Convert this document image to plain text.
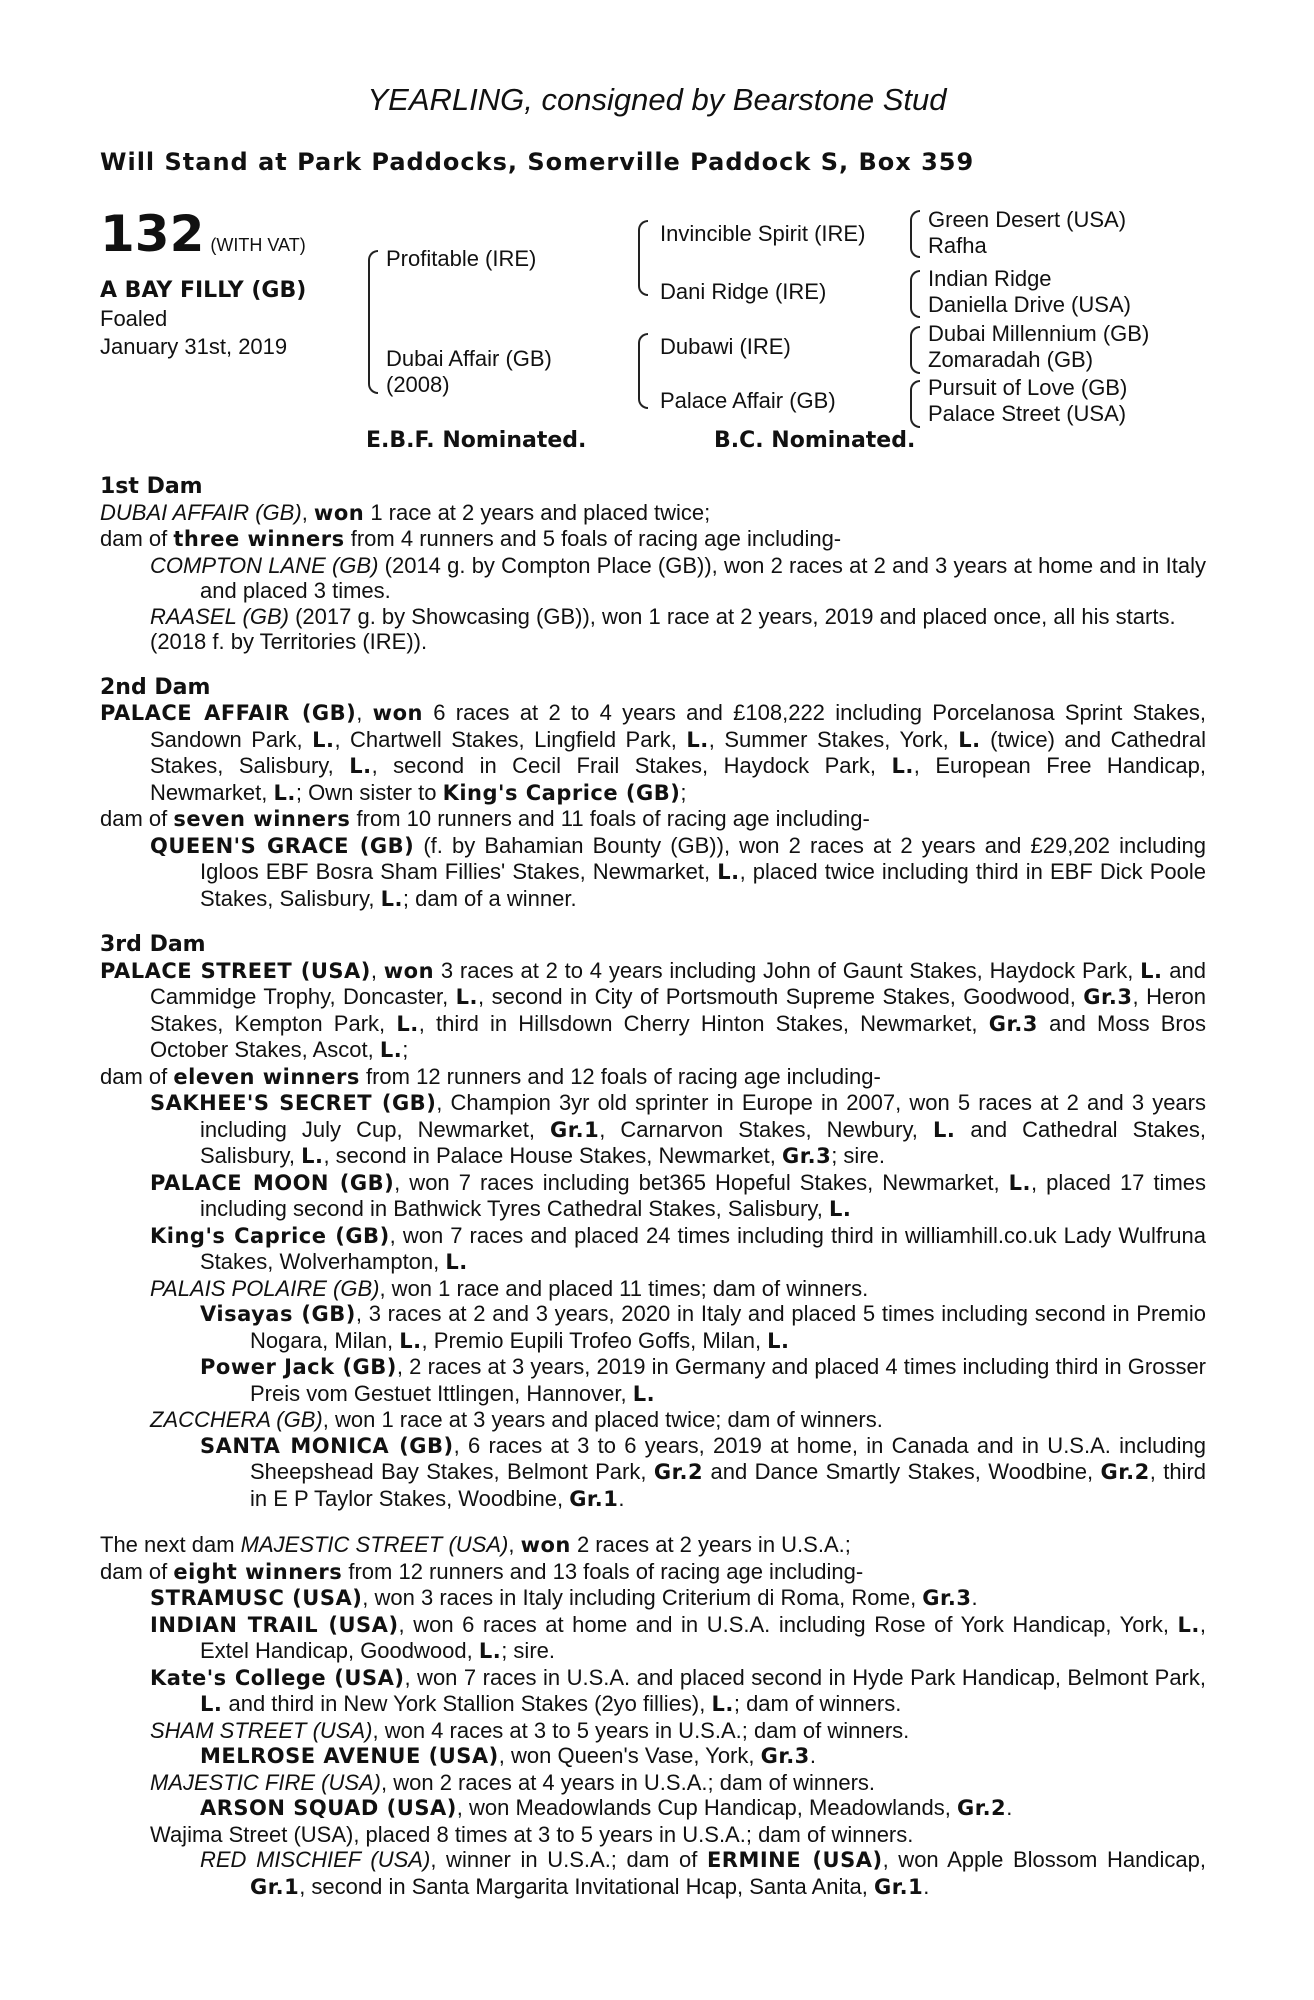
YEARLING, consigned by Bearstone Stud
Will Stand at Park Paddocks, Somerville Paddock S, Box 359
132 (WITH VAT)
A BAY FILLY (GB)
Foaled
January 31st, 2019
Profitable (IRE)
Dubai Affair (GB)
(2008)
Invincible Spirit (IRE)
Dani Ridge (IRE)
Dubawi (IRE)
Palace Affair (GB)
Green Desert (USA)
Rafha
Indian Ridge
Daniella Drive (USA)
Dubai Millennium (GB)
Zomaradah (GB)
Pursuit of Love (GB)
Palace Street (USA)
E.B.F. Nominated.	B.C. Nominated.
1st Dam
DUBAI AFFAIR (GB), won 1 race at 2 years and placed twice;
dam of three winners from 4 runners and 5 foals of racing age including-
COMPTON LANE (GB) (2014 g. by Compton Place (GB)), won 2 races at 2 and 3 years at home and in Italy and placed 3 times.
RAASEL (GB) (2017 g. by Showcasing (GB)), won 1 race at 2 years, 2019 and placed once, all his starts.
(2018 f. by Territories (IRE)).
2nd Dam
PALACE AFFAIR (GB), won 6 races at 2 to 4 years and £108,222 including Porcelanosa Sprint Stakes, Sandown Park, L., Chartwell Stakes, Lingfield Park, L., Summer Stakes, York, L. (twice) and Cathedral Stakes, Salisbury, L., second in Cecil Frail Stakes, Haydock Park, L., European Free Handicap, Newmarket, L.; Own sister to King's Caprice (GB);
dam of seven winners from 10 runners and 11 foals of racing age including-
QUEEN'S GRACE (GB) (f. by Bahamian Bounty (GB)), won 2 races at 2 years and £29,202 including Igloos EBF Bosra Sham Fillies' Stakes, Newmarket, L., placed twice including third in EBF Dick Poole Stakes, Salisbury, L.; dam of a winner.
3rd Dam
PALACE STREET (USA), won 3 races at 2 to 4 years including John of Gaunt Stakes, Haydock Park, L. and Cammidge Trophy, Doncaster, L., second in City of Portsmouth Supreme Stakes, Goodwood, Gr.3, Heron Stakes, Kempton Park, L., third in Hillsdown Cherry Hinton Stakes, Newmarket, Gr.3 and Moss Bros October Stakes, Ascot, L.;
dam of eleven winners from 12 runners and 12 foals of racing age including-
SAKHEE'S SECRET (GB), Champion 3yr old sprinter in Europe in 2007, won 5 races at 2 and 3 years including July Cup, Newmarket, Gr.1, Carnarvon Stakes, Newbury, L. and Cathedral Stakes, Salisbury, L., second in Palace House Stakes, Newmarket, Gr.3; sire.
PALACE MOON (GB), won 7 races including bet365 Hopeful Stakes, Newmarket, L., placed 17 times including second in Bathwick Tyres Cathedral Stakes, Salisbury, L.
King's Caprice (GB), won 7 races and placed 24 times including third in williamhill.co.uk Lady Wulfruna Stakes, Wolverhampton, L.
PALAIS POLAIRE (GB), won 1 race and placed 11 times; dam of winners.
Visayas (GB), 3 races at 2 and 3 years, 2020 in Italy and placed 5 times including second in Premio Nogara, Milan, L., Premio Eupili Trofeo Goffs, Milan, L.
Power Jack (GB), 2 races at 3 years, 2019 in Germany and placed 4 times including third in Grosser Preis vom Gestuet Ittlingen, Hannover, L.
ZACCHERA (GB), won 1 race at 3 years and placed twice; dam of winners.
SANTA MONICA (GB), 6 races at 3 to 6 years, 2019 at home, in Canada and in U.S.A. including Sheepshead Bay Stakes, Belmont Park, Gr.2 and Dance Smartly Stakes, Woodbine, Gr.2, third in E P Taylor Stakes, Woodbine, Gr.1.
The next dam MAJESTIC STREET (USA), won 2 races at 2 years in U.S.A.;
dam of eight winners from 12 runners and 13 foals of racing age including-
STRAMUSC (USA), won 3 races in Italy including Criterium di Roma, Rome, Gr.3.
INDIAN TRAIL (USA), won 6 races at home and in U.S.A. including Rose of York Handicap, York, L., Extel Handicap, Goodwood, L.; sire.
Kate's College (USA), won 7 races in U.S.A. and placed second in Hyde Park Handicap, Belmont Park, L. and third in New York Stallion Stakes (2yo fillies), L.; dam of winners.
SHAM STREET (USA), won 4 races at 3 to 5 years in U.S.A.; dam of winners.
MELROSE AVENUE (USA), won Queen's Vase, York, Gr.3.
MAJESTIC FIRE (USA), won 2 races at 4 years in U.S.A.; dam of winners.
ARSON SQUAD (USA), won Meadowlands Cup Handicap, Meadowlands, Gr.2.
Wajima Street (USA), placed 8 times at 3 to 5 years in U.S.A.; dam of winners.
RED MISCHIEF (USA), winner in U.S.A.; dam of ERMINE (USA), won Apple Blossom Handicap, Gr.1, second in Santa Margarita Invitational Hcap, Santa Anita, Gr.1.
